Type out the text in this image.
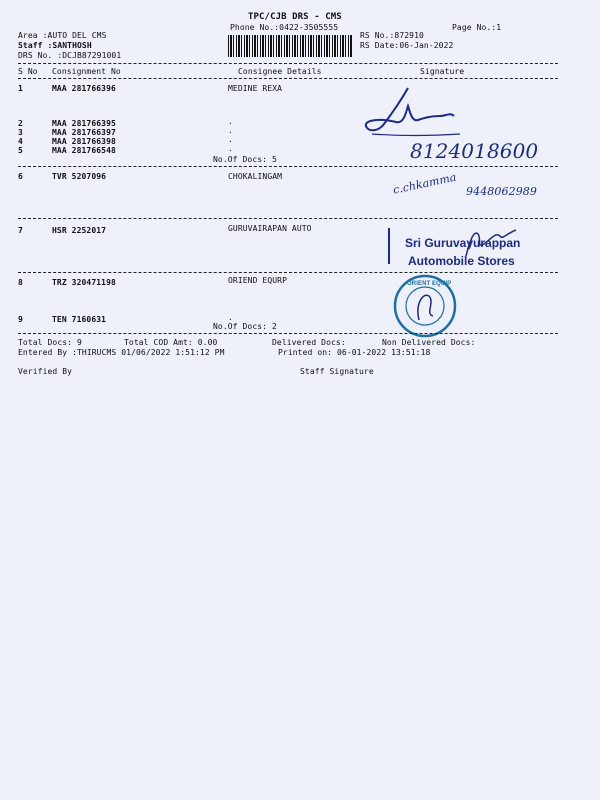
TPC/CJB DRS - CMS
Phone No.:0422-3505555	Page No.:1
Area :AUTO DEL CMS
Staff :SANTHOSH
DRS No. :DCJB87291001
RS No.:872910
RS Date:06-Jan-2022
S No Consignment No	Consignee Details	Signature
1	MAA 281766396	MEDINE REXA
2	MAA 281766395	.
3	MAA 281766397	.
4	MAA 281766398	.
5	MAA 281766548	.
No.Of Docs: 5	8124018600
6	TVR 5207096	CHOKALINGAM	c.chkamma 9448062989
7	HSR 2252017	GURUVAIRAPAN AUTO
Sri Guruvayurappan
Automobile Stores
8	TRZ 320471198	ORIEND EQURP	ORIENT EQUIP
9	TEN 7160631	.
No.Of Docs: 2
Total Docs: 9	Total COD Amt: 0.00	Delivered Docs:	Non Delivered Docs:
Entered By :THIRUCMS 01/06/2022 1:51:12 PM	Printed on: 06-01-2022 13:51:18
Verified By	Staff Signature
